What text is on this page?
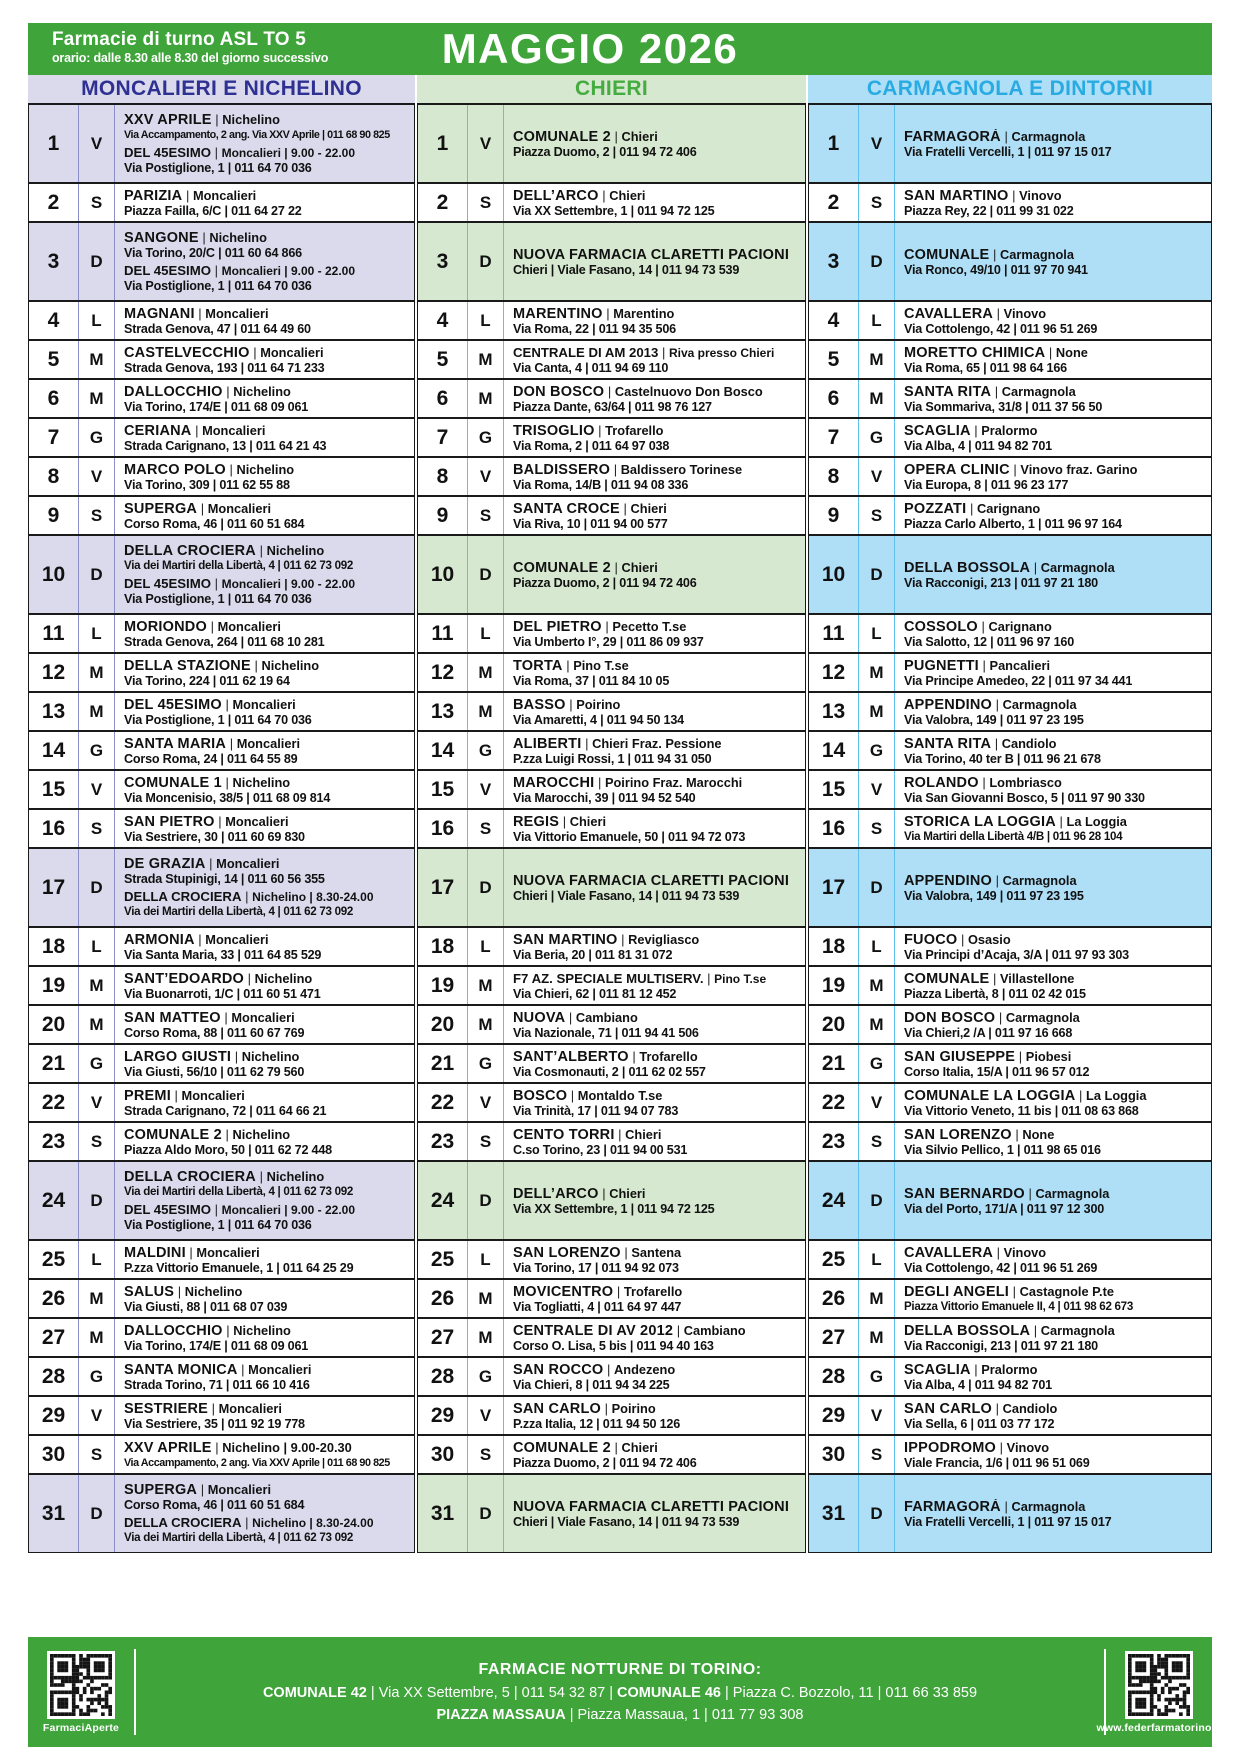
Farmacie di turno ASL TO 5
orario: dalle 8.30 alle 8.30 del giorno successivo	MAGGIO 2026
MONCALIERI E NICHELINO
1	V
XXV APRILE | Nichelino
Via Accampamento, 2 ang. Via XXV Aprile | 011 68 90 825
DEL 45ESIMO | Moncalieri | 9.00 - 22.00
Via Postiglione, 1 | 011 64 70 036
2	S	PARIZIA | Moncalieri
Piazza Failla, 6/C | 011 64 27 22
3	D
SANGONE | Nichelino
Via Torino, 20/C | 011 60 64 866
DEL 45ESIMO | Moncalieri | 9.00 - 22.00
Via Postiglione, 1 | 011 64 70 036
4	L	MAGNANI | Moncalieri
Strada Genova, 47 | 011 64 49 60
5	M	CASTELVECCHIO | Moncalieri
Strada Genova, 193 | 011 64 71 233
6	M	DALLOCCHIO | Nichelino
Via Torino, 174/E | 011 68 09 061
7	G	CERIANA | Moncalieri
Strada Carignano, 13 | 011 64 21 43
8	V	MARCO POLO | Nichelino
Via Torino, 309 | 011 62 55 88
9	S	SUPERGA | Moncalieri
Corso Roma, 46 | 011 60 51 684
10	D
DELLA CROCIERA | Nichelino
Via dei Martiri della Libertà, 4 | 011 62 73 092
DEL 45ESIMO | Moncalieri | 9.00 - 22.00
Via Postiglione, 1 | 011 64 70 036
11	L	MORIONDO | Moncalieri
Strada Genova, 264 | 011 68 10 281
12	M	DELLA STAZIONE | Nichelino
Via Torino, 224 | 011 62 19 64
13	M	DEL 45ESIMO | Moncalieri
Via Postiglione, 1 | 011 64 70 036
14	G	SANTA MARIA | Moncalieri
Corso Roma, 24 | 011 64 55 89
15	V	COMUNALE 1 | Nichelino
Via Moncenisio, 38/5 | 011 68 09 814
16	S	SAN PIETRO | Moncalieri
Via Sestriere, 30 | 011 60 69 830
17	D
DE GRAZIA | Moncalieri
Strada Stupinigi, 14 | 011 60 56 355
DELLA CROCIERA | Nichelino | 8.30-24.00
Via dei Martiri della Libertà, 4 | 011 62 73 092
18	L	ARMONIA | Moncalieri
Via Santa Maria, 33 | 011 64 85 529
19	M	SANT’EDOARDO | Nichelino
Via Buonarroti, 1/C | 011 60 51 471
20	M	SAN MATTEO | Moncalieri
Corso Roma, 88 | 011 60 67 769
21	G	LARGO GIUSTI | Nichelino
Via Giusti, 56/10 | 011 62 79 560
22	V	PREMI | Moncalieri
Strada Carignano, 72 | 011 64 66 21
23	S	COMUNALE 2 | Nichelino
Piazza Aldo Moro, 50 | 011 62 72 448
24	D
DELLA CROCIERA | Nichelino
Via dei Martiri della Libertà, 4 | 011 62 73 092
DEL 45ESIMO | Moncalieri | 9.00 - 22.00
Via Postiglione, 1 | 011 64 70 036
25	L	MALDINI | Moncalieri
P.zza Vittorio Emanuele, 1 | 011 64 25 29
26	M	SALUS | Nichelino
Via Giusti, 88 | 011 68 07 039
27	M	DALLOCCHIO | Nichelino
Via Torino, 174/E | 011 68 09 061
28	G	SANTA MONICA | Moncalieri
Strada Torino, 71 | 011 66 10 416
29	V	SESTRIERE | Moncalieri
Via Sestriere, 35 | 011 92 19 778
30	S	XXV APRILE | Nichelino | 9.00-20.30
Via Accampamento, 2 ang. Via XXV Aprile | 011 68 90 825
31	D
SUPERGA | Moncalieri
Corso Roma, 46 | 011 60 51 684
DELLA CROCIERA | Nichelino | 8.30-24.00
Via dei Martiri della Libertà, 4 | 011 62 73 092
CHIERI
1	V	COMUNALE 2 | Chieri
Piazza Duomo, 2 | 011 94 72 406
2	S	DELL’ARCO | Chieri
Via XX Settembre, 1 | 011 94 72 125
3	D	NUOVA FARMACIA CLARETTI PACIONI
Chieri | Viale Fasano, 14 | 011 94 73 539
4	L	MARENTINO | Marentino
Via Roma, 22 | 011 94 35 506
5	M	CENTRALE DI AM 2013 | Riva presso Chieri
Via Canta, 4 | 011 94 69 110
6	M	DON BOSCO | Castelnuovo Don Bosco
Piazza Dante, 63/64 | 011 98 76 127
7	G	TRISOGLIO | Trofarello
Via Roma, 2 | 011 64 97 038
8	V	BALDISSERO | Baldissero Torinese
Via Roma, 14/B | 011 94 08 336
9	S	SANTA CROCE | Chieri
Via Riva, 10 | 011 94 00 577
10	D	COMUNALE 2 | Chieri
Piazza Duomo, 2 | 011 94 72 406
11	L	DEL PIETRO | Pecetto T.se
Via Umberto I°, 29 | 011 86 09 937
12	M	TORTA | Pino T.se
Via Roma, 37 | 011 84 10 05
13	M	BASSO | Poirino
Via Amaretti, 4 | 011 94 50 134
14	G	ALIBERTI | Chieri Fraz. Pessione
P.zza Luigi Rossi, 1 | 011 94 31 050
15	V	MAROCCHI | Poirino Fraz. Marocchi
Via Marocchi, 39 | 011 94 52 540
16	S	REGIS | Chieri
Via Vittorio Emanuele, 50 | 011 94 72 073
17	D	NUOVA FARMACIA CLARETTI PACIONI
Chieri | Viale Fasano, 14 | 011 94 73 539
18	L	SAN MARTINO | Revigliasco
Via Beria, 20 | 011 81 31 072
19	M	F7 AZ. SPECIALE MULTISERV. | Pino T.se
Via Chieri, 62 | 011 81 12 452
20	M	NUOVA | Cambiano
Via Nazionale, 71 | 011 94 41 506
21	G	SANT’ALBERTO | Trofarello
Via Cosmonauti, 2 | 011 62 02 557
22	V	BOSCO | Montaldo T.se
Via Trinità, 17 | 011 94 07 783
23	S	CENTO TORRI | Chieri
C.so Torino, 23 | 011 94 00 531
24	D	DELL’ARCO | Chieri
Via XX Settembre, 1 | 011 94 72 125
25	L	SAN LORENZO | Santena
Via Torino, 17 | 011 94 92 073
26	M	MOVICENTRO | Trofarello
Via Togliatti, 4 | 011 64 97 447
27	M	CENTRALE DI AV 2012 | Cambiano
Corso O. Lisa, 5 bis | 011 94 40 163
28	G	SAN ROCCO | Andezeno
Via Chieri, 8 | 011 94 34 225
29	V	SAN CARLO | Poirino
P.zza Italia, 12 | 011 94 50 126
30	S	COMUNALE 2 | Chieri
Piazza Duomo, 2 | 011 94 72 406
31	D	NUOVA FARMACIA CLARETTI PACIONI
Chieri | Viale Fasano, 14 | 011 94 73 539
CARMAGNOLA E DINTORNI
1	V	FARMAGORÀ | Carmagnola
Via Fratelli Vercelli, 1 | 011 97 15 017
2	S	SAN MARTINO | Vinovo
Piazza Rey, 22 | 011 99 31 022
3	D	COMUNALE | Carmagnola
Via Ronco, 49/10 | 011 97 70 941
4	L	CAVALLERA | Vinovo
Via Cottolengo, 42 | 011 96 51 269
5	M	MORETTO CHIMICA | None
Via Roma, 65 | 011 98 64 166
6	M	SANTA RITA | Carmagnola
Via Sommariva, 31/8 | 011 37 56 50
7	G	SCAGLIA | Pralormo
Via Alba, 4 | 011 94 82 701
8	V	OPERA CLINIC | Vinovo fraz. Garino
Via Europa, 8 | 011 96 23 177
9	S	POZZATI | Carignano
Piazza Carlo Alberto, 1 | 011 96 97 164
10	D	DELLA BOSSOLA | Carmagnola
Via Racconigi, 213 | 011 97 21 180
11	L	COSSOLO | Carignano
Via Salotto, 12 | 011 96 97 160
12	M	PUGNETTI | Pancalieri
Via Principe Amedeo, 22 | 011 97 34 441
13	M	APPENDINO | Carmagnola
Via Valobra, 149 | 011 97 23 195
14	G	SANTA RITA | Candiolo
Via Torino, 40 ter B | 011 96 21 678
15	V	ROLANDO | Lombriasco
Via San Giovanni Bosco, 5 | 011 97 90 330
16	S	STORICA LA LOGGIA | La Loggia
Via Martiri della Libertà 4/B | 011 96 28 104
17	D	APPENDINO | Carmagnola
Via Valobra, 149 | 011 97 23 195
18	L	FUOCO | Osasio
Via Principi d’Acaja, 3/A | 011 97 93 303
19	M	COMUNALE | Villastellone
Piazza Libertà, 8 | 011 02 42 015
20	M	DON BOSCO | Carmagnola
Via Chieri,2 /A | 011 97 16 668
21	G	SAN GIUSEPPE | Piobesi
Corso Italia, 15/A | 011 96 57 012
22	V	COMUNALE LA LOGGIA | La Loggia
Via Vittorio Veneto, 11 bis | 011 08 63 868
23	S	SAN LORENZO | None
Via Silvio Pellico, 1 | 011 98 65 016
24	D	SAN BERNARDO | Carmagnola
Via del Porto, 171/A | 011 97 12 300
25	L	CAVALLERA | Vinovo
Via Cottolengo, 42 | 011 96 51 269
26	M	DEGLI ANGELI | Castagnole P.te
Piazza Vittorio Emanuele II, 4 | 011 98 62 673
27	M	DELLA BOSSOLA | Carmagnola
Via Racconigi, 213 | 011 97 21 180
28	G	SCAGLIA | Pralormo
Via Alba, 4 | 011 94 82 701
29	V	SAN CARLO | Candiolo
Via Sella, 6 | 011 03 77 172
30	S	IPPODROMO | Vinovo
Viale Francia, 1/6 | 011 96 51 069
31	D	FARMAGORÀ | Carmagnola
Via Fratelli Vercelli, 1 | 011 97 15 017
FarmaciAperte
FARMACIE NOTTURNE DI TORINO:
COMUNALE 42 | Via XX Settembre, 5 | 011 54 32 87 | COMUNALE 46 | Piazza C. Bozzolo, 11 | 011 66 33 859
PIAZZA MASSAUA | Piazza Massaua, 1 | 011 77 93 308
www.federfarmatorino.it
